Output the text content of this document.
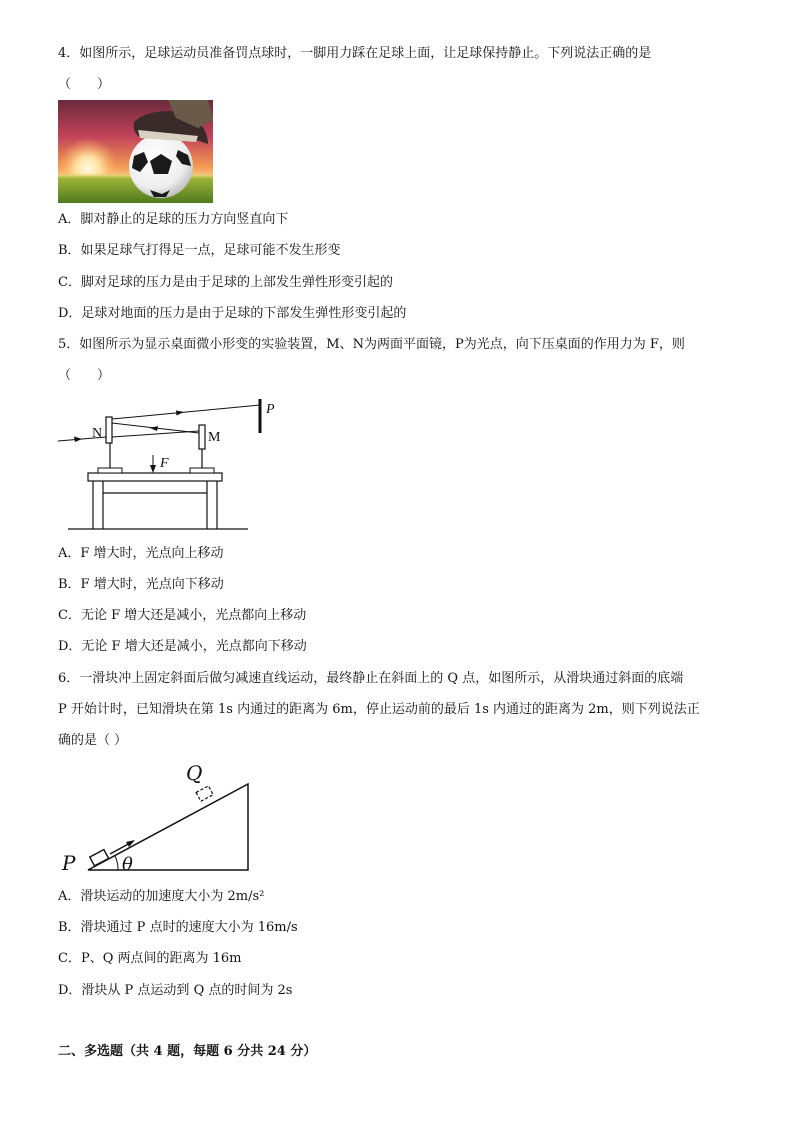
4．如图所示，足球运动员准备罚点球时，一脚用力踩在足球上面，让足球保持静止。下列说法正确的是
（　　）
A．脚对静止的足球的压力方向竖直向下
B．如果足球气打得足一点，足球可能不发生形变
C．脚对足球的压力是由于足球的上部发生弹性形变引起的
D．足球对地面的压力是由于足球的下部发生弹性形变引起的
5．如图所示为显示桌面微小形变的实验装置，M、N为两面平面镜，P为光点，向下压桌面的作用力为 F，则
（　　）
N	M
P
F
A．F 增大时，光点向上移动
B．F 增大时，光点向下移动
C．无论 F 增大还是减小，光点都向上移动
D．无论 F 增大还是减小，光点都向下移动
6．一滑块冲上固定斜面后做匀减速直线运动，最终静止在斜面上的 Q 点，如图所示，从滑块通过斜面的底端
P 开始计时，已知滑块在第 1s 内通过的距离为 6m，停止运动前的最后 1s 内通过的距离为 2m，则下列说法正
确的是（ ）
Q
P	θ
A．滑块运动的加速度大小为 2m/s²
B．滑块通过 P 点时的速度大小为 16m/s
C．P、Q 两点间的距离为 16m
D．滑块从 P 点运动到 Q 点的时间为 2s
二、多选题（共 4 题，每题 6 分共 24 分）
